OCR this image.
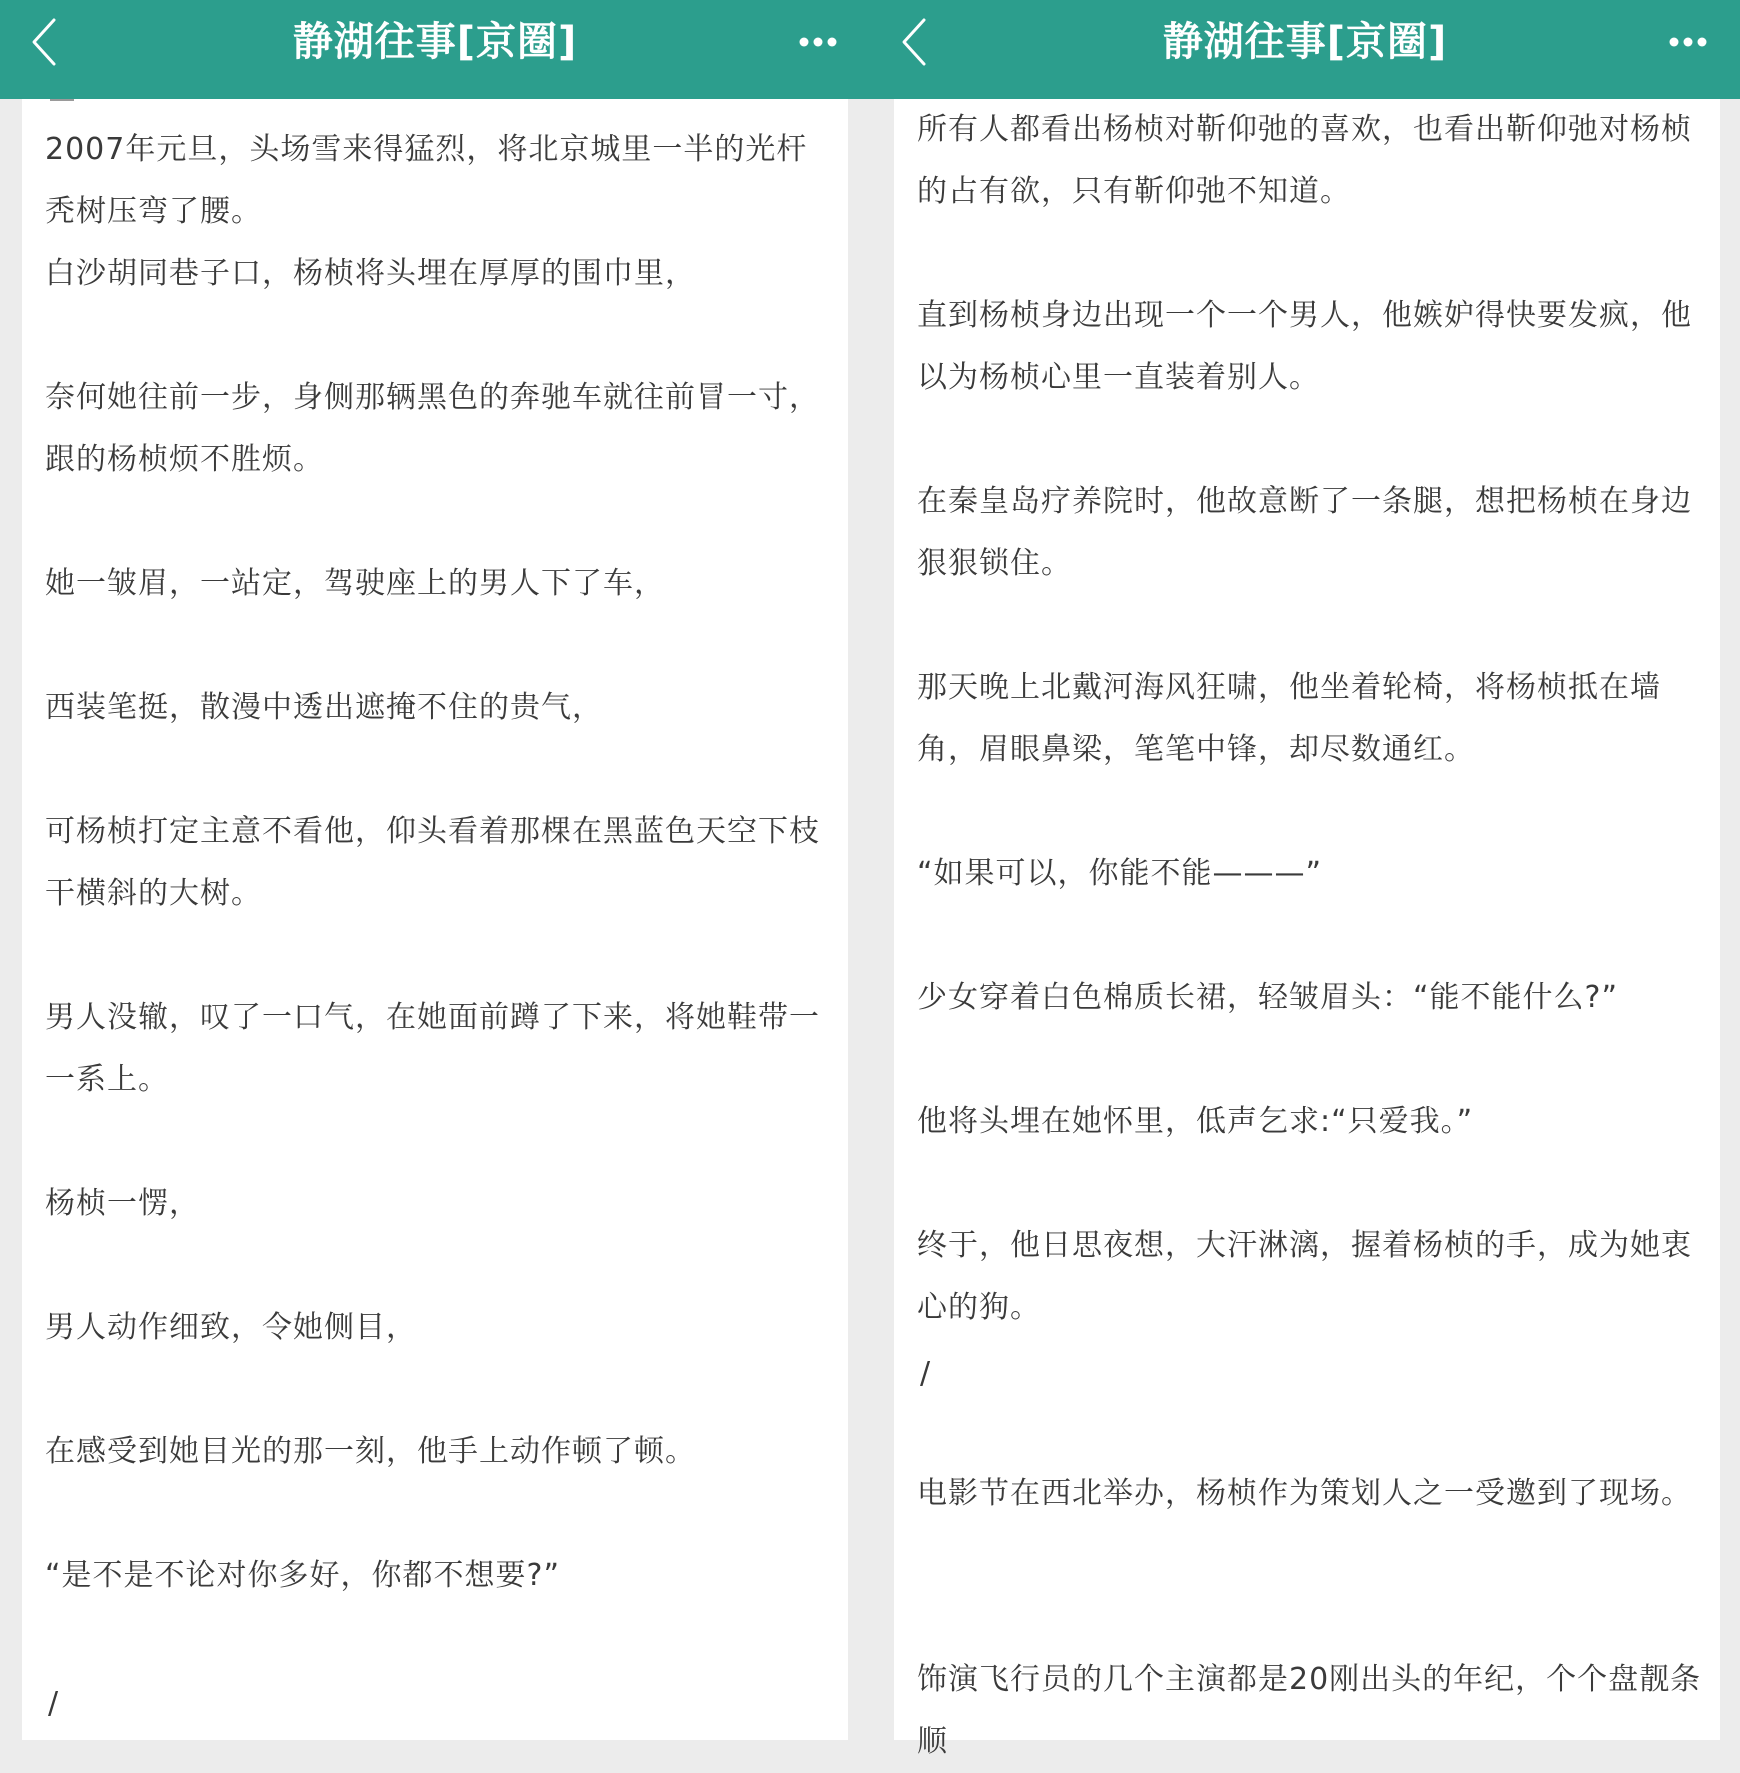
静湖往事[京圈]

2007年元旦，头场雪来得猛烈，将北京城里一半的光杆秃树压弯了腰。

白沙胡同巷子口，杨桢将头埋在厚厚的围巾里，

奈何她往前一步，身侧那辆黑色的奔驰车就往前冒一寸，跟的杨桢烦不胜烦。

她一皱眉，一站定，驾驶座上的男人下了车，

西装笔挺，散漫中透出遮掩不住的贵气，

可杨桢打定主意不看他，仰头看着那棵在黑蓝色天空下枝干横斜的大树。

男人没辙，叹了一口气，在她面前蹲了下来，将她鞋带一一系上。

杨桢一愣，

男人动作细致，令她侧目，

在感受到她目光的那一刻，他手上动作顿了顿。

“是不是不论对你多好，你都不想要?”

/
静湖往事[京圈]

所有人都看出杨桢对靳仰弛的喜欢，也看出靳仰弛对杨桢的占有欲，只有靳仰弛不知道。

直到杨桢身边出现一个一个男人，他嫉妒得快要发疯，他以为杨桢心里一直装着别人。

在秦皇岛疗养院时，他故意断了一条腿，想把杨桢在身边狠狠锁住。

那天晚上北戴河海风狂啸，他坐着轮椅，将杨桢抵在墙角，眉眼鼻梁，笔笔中锋，却尽数通红。

“如果可以，你能不能———”

少女穿着白色棉质长裙，轻皱眉头：“能不能什么?”

他将头埋在她怀里，低声乞求:“只爱我。”

终于，他日思夜想，大汗淋漓，握着杨桢的手，成为她衷心的狗。

/

电影节在西北举办，杨桢作为策划人之一受邀到了现场。

饰演飞行员的几个主演都是20刚出头的年纪，个个盘靓条顺
